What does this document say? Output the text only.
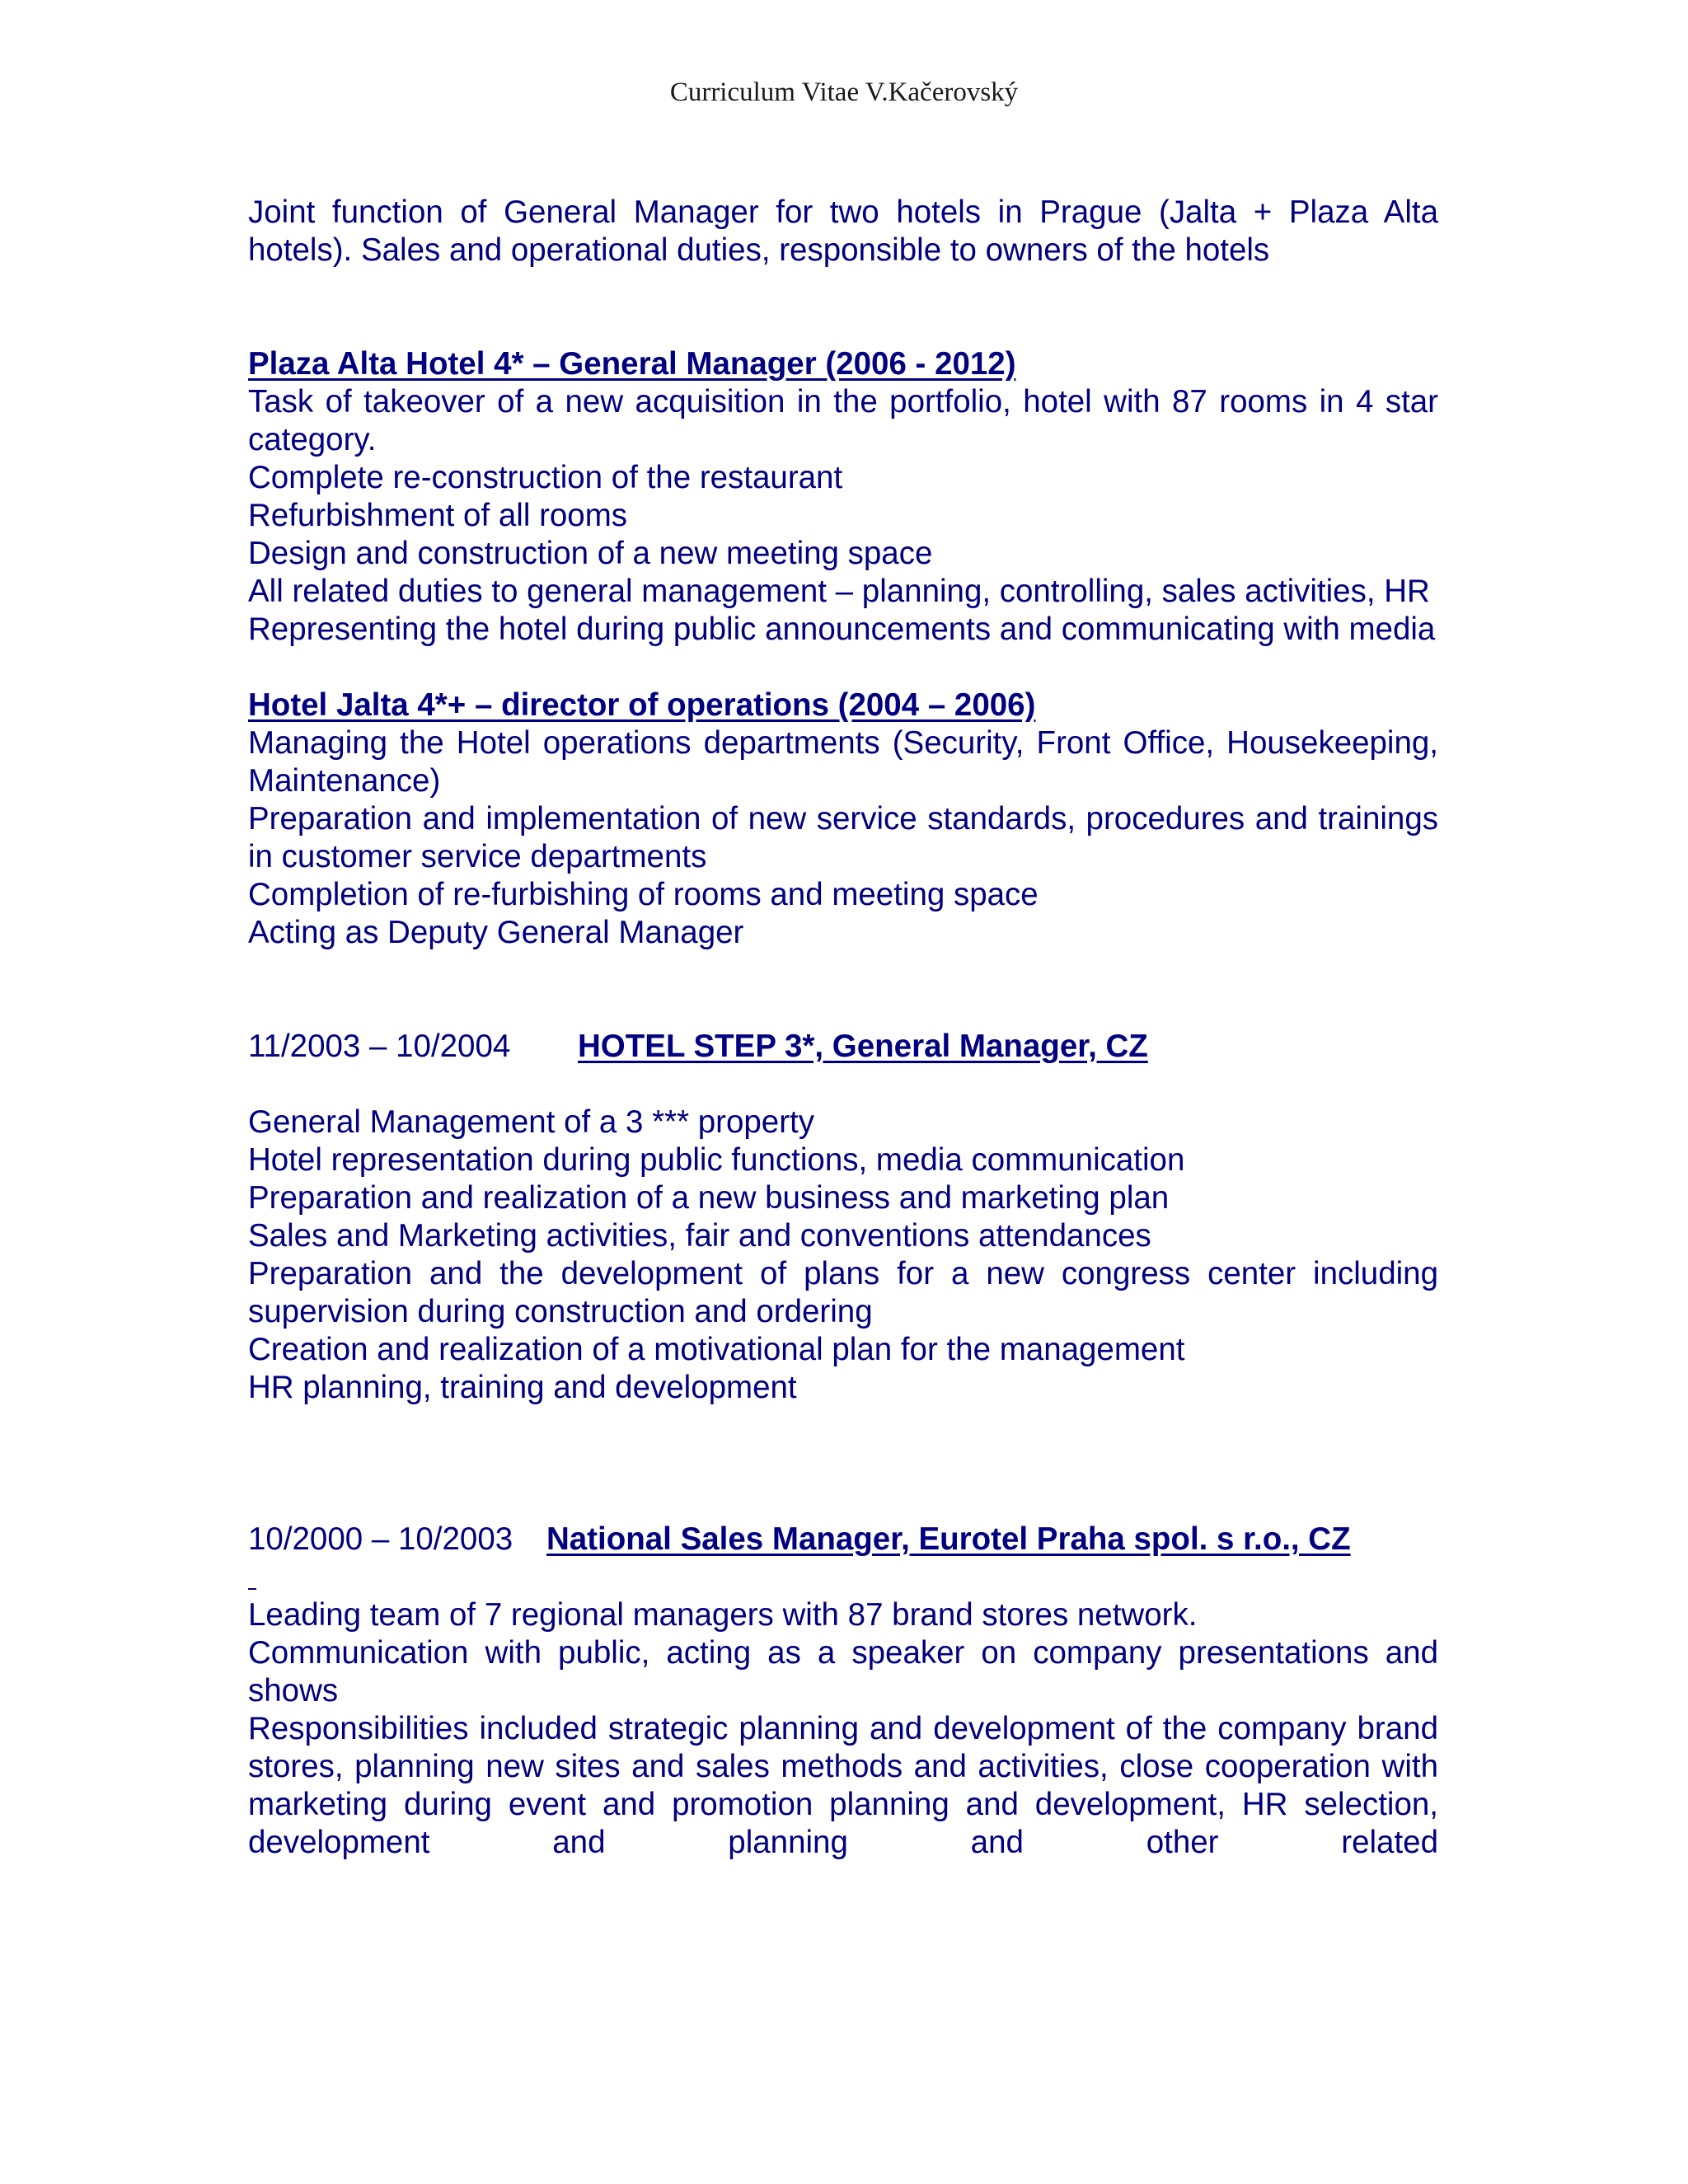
Curriculum Vitae V.Kačerovský

Joint function of General Manager for two hotels in Prague (Jalta + Plaza Alta hotels). Sales and operational duties, responsible to owners of the hotels

Plaza Alta Hotel 4* – General Manager (2006 - 2012)

Task of takeover of a new acquisition in the portfolio, hotel with 87 rooms in 4 star category.

Complete re-construction of the restaurant

Refurbishment of all rooms

Design and construction of a new meeting space

All related duties to general management – planning, controlling, sales activities, HR

Representing the hotel during public announcements and communicating with media

Hotel Jalta 4*+ – director of operations (2004 – 2006)

Managing the Hotel operations departments (Security, Front Office, Housekeeping, Maintenance)

Preparation and implementation of new service standards, procedures and trainings in customer service departments

Completion of re-furbishing of rooms and meeting space

Acting as Deputy General Manager

11/2003 – 10/2004	HOTEL STEP 3*, General Manager, CZ

General Management of a 3 *** property

Hotel representation during public functions, media communication

Preparation and realization of a new business and marketing plan

Sales and Marketing activities, fair and conventions attendances

Preparation and the development of plans for a new congress center including supervision during construction and ordering

Creation and realization of a motivational plan for the management

HR planning, training and development

10/2000 – 10/2003	National Sales Manager, Eurotel Praha spol. s r.o., CZ

Leading team of 7 regional managers with 87 brand stores network.

Communication with public, acting as a speaker on company presentations and shows

Responsibilities included strategic planning and development of the company brand stores, planning new sites and sales methods and activities, close cooperation with marketing during event and promotion planning and development, HR selection, development and planning and other related
